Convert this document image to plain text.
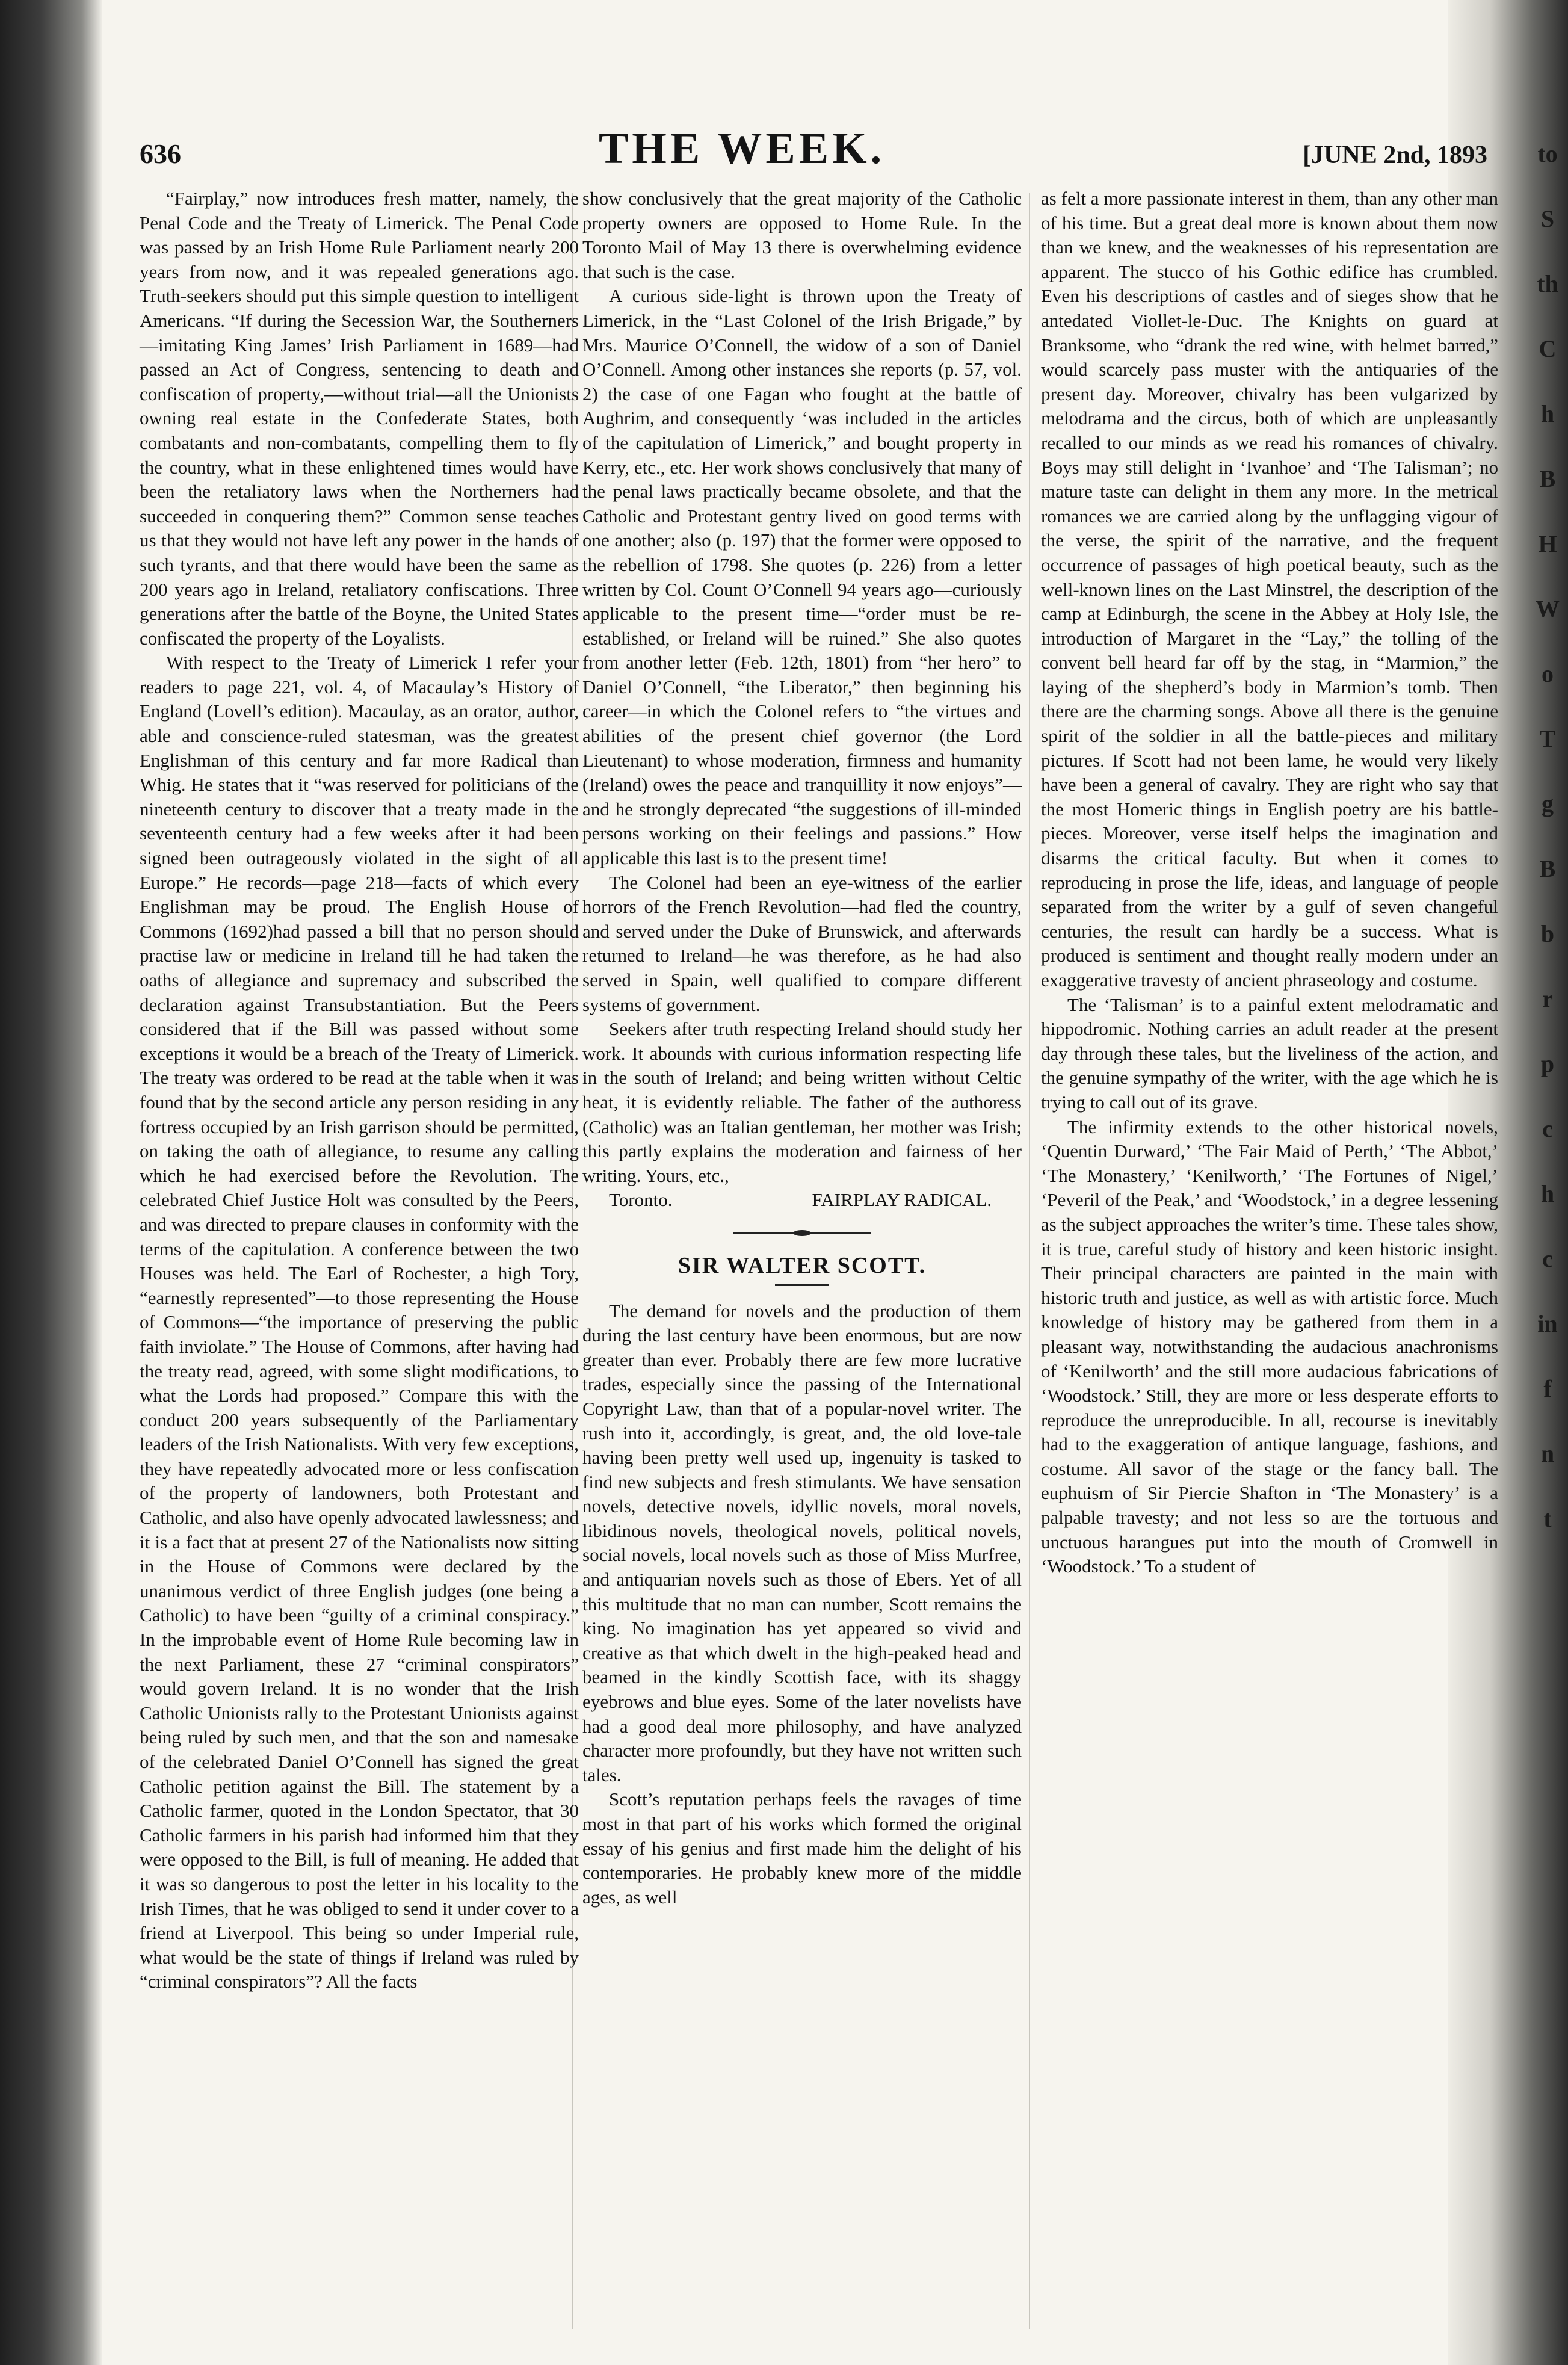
to
S
th
C
h
B
H
W
o
T
g
B
b
r
p
c
h
c
in
f
n
t
636	THE WEEK.	[JUNE 2nd, 1893

“Fairplay,” now introduces fresh matter, namely, the Penal Code and the Treaty of Limerick. The Penal Code was passed by an Irish Home Rule Parliament nearly 200 years from now, and it was repealed generations ago. Truth-seekers should put this simple question to intelligent Americans. “If during the Secession War, the Southerners—imitating King James’ Irish Parliament in 1689—had passed an Act of Congress, sentencing to death and confiscation of property,—without trial—all the Unionists owning real estate in the Confederate States, both combatants and non-combatants, compelling them to fly the country, what in these enlightened times would have been the retaliatory laws when the Northerners had succeeded in conquering them?” Common sense teaches us that they would not have left any power in the hands of such tyrants, and that there would have been the same as 200 years ago in Ireland, retaliatory confiscations. Three generations after the battle of the Boyne, the United States confiscated the property of the Loyalists.

With respect to the Treaty of Limerick I refer your readers to page 221, vol. 4, of Macaulay’s History of England (Lovell’s edition). Macaulay, as an orator, author, able and conscience-ruled statesman, was the greatest Englishman of this century and far more Radical than Whig. He states that it “was reserved for politicians of the nineteenth century to discover that a treaty made in the seventeenth century had a few weeks after it had been signed been outrageously violated in the sight of all Europe.” He records—page 218—facts of which every Englishman may be proud. The English House of Commons (1692)had passed a bill that no person should practise law or medicine in Ireland till he had taken the oaths of allegiance and supremacy and subscribed the declaration against Transubstantiation. But the Peers considered that if the Bill was passed without some exceptions it would be a breach of the Treaty of Limerick. The treaty was ordered to be read at the table when it was found that by the second article any person residing in any fortress occupied by an Irish garrison should be permitted, on taking the oath of allegiance, to resume any calling which he had exercised before the Revolution. The celebrated Chief Justice Holt was consulted by the Peers, and was directed to prepare clauses in conformity with the terms of the capitulation. A conference between the two Houses was held. The Earl of Rochester, a high Tory, “earnestly represented”—to those representing the House of Commons—“the importance of preserving the public faith inviolate.” The House of Commons, after having had the treaty read, agreed, with some slight modifications, to what the Lords had proposed.” Compare this with the conduct 200 years subsequently of the Parliamentary leaders of the Irish Nationalists. With very few exceptions, they have repeatedly advocated more or less confiscation of the property of landowners, both Protestant and Catholic, and also have openly advocated lawlessness; and it is a fact that at present 27 of the Nationalists now sitting in the House of Commons were declared by the unanimous verdict of three English judges (one being a Catholic) to have been “guilty of a criminal conspiracy.” In the improbable event of Home Rule becoming law in the next Parliament, these 27 “criminal conspirators” would govern Ireland. It is no wonder that the Irish Catholic Unionists rally to the Protestant Unionists against being ruled by such men, and that the son and namesake of the celebrated Daniel O’Connell has signed the great Catholic petition against the Bill. The statement by a Catholic farmer, quoted in the London Spectator, that 30 Catholic farmers in his parish had informed him that they were opposed to the Bill, is full of meaning. He added that it was so dangerous to post the letter in his locality to the Irish Times, that he was obliged to send it under cover to a friend at Liverpool. This being so under Imperial rule, what would be the state of things if Ireland was ruled by “criminal conspirators”? All the facts

show conclusively that the great majority of the Catholic property owners are opposed to Home Rule. In the Toronto Mail of May 13 there is overwhelming evidence that such is the case.

A curious side-light is thrown upon the Treaty of Limerick, in the “Last Colonel of the Irish Brigade,” by Mrs. Maurice O’Connell, the widow of a son of Daniel O’Connell. Among other instances she reports (p. 57, vol. 2) the case of one Fagan who fought at the battle of Aughrim, and consequently ‘was included in the articles of the capitulation of Limerick,” and bought property in Kerry, etc., etc. Her work shows conclusively that many of the penal laws practically became obsolete, and that the Catholic and Protestant gentry lived on good terms with one another; also (p. 197) that the former were opposed to the rebellion of 1798. She quotes (p. 226) from a letter written by Col. Count O’Connell 94 years ago—curiously applicable to the present time—“order must be re-established, or Ireland will be ruined.” She also quotes from another letter (Feb. 12th, 1801) from “her hero” to Daniel O’Connell, “the Liberator,” then beginning his career—in which the Colonel refers to “the virtues and abilities of the present chief governor (the Lord Lieutenant) to whose moderation, firmness and humanity (Ireland) owes the peace and tranquillity it now enjoys”—and he strongly deprecated “the suggestions of ill-minded persons working on their feelings and passions.” How applicable this last is to the present time!

The Colonel had been an eye-witness of the earlier horrors of the French Revolution—had fled the country, and served under the Duke of Brunswick, and afterwards returned to Ireland—he was therefore, as he had also served in Spain, well qualified to compare different systems of government.

Seekers after truth respecting Ireland should study her work. It abounds with curious information respecting life in the south of Ireland; and being written without Celtic heat, it is evidently reliable. The father of the authoress (Catholic) was an Italian gentleman, her mother was Irish; this partly explains the moderation and fairness of her writing. Yours, etc.,

Toronto.	FAIRPLAY RADICAL.

SIR WALTER SCOTT.

The demand for novels and the production of them during the last century have been enormous, but are now greater than ever. Probably there are few more lucrative trades, especially since the passing of the International Copyright Law, than that of a popular-novel writer. The rush into it, accordingly, is great, and, the old love-tale having been pretty well used up, ingenuity is tasked to find new subjects and fresh stimulants. We have sensation novels, detective novels, idyllic novels, moral novels, libidinous novels, theological novels, political novels, social novels, local novels such as those of Miss Murfree, and antiquarian novels such as those of Ebers. Yet of all this multitude that no man can number, Scott remains the king. No imagination has yet appeared so vivid and creative as that which dwelt in the high-peaked head and beamed in the kindly Scottish face, with its shaggy eyebrows and blue eyes. Some of the later novelists have had a good deal more philosophy, and have analyzed character more profoundly, but they have not written such tales.

Scott’s reputation perhaps feels the ravages of time most in that part of his works which formed the original essay of his genius and first made him the delight of his contemporaries. He probably knew more of the middle ages, as well

as felt a more passionate interest in them, than any other man of his time. But a great deal more is known about them now than we knew, and the weaknesses of his representation are apparent. The stucco of his Gothic edifice has crumbled. Even his descriptions of castles and of sieges show that he antedated Viollet-le-Duc. The Knights on guard at Branksome, who “drank the red wine, with helmet barred,” would scarcely pass muster with the antiquaries of the present day. Moreover, chivalry has been vulgarized by melodrama and the circus, both of which are unpleasantly recalled to our minds as we read his romances of chivalry. Boys may still delight in ‘Ivanhoe’ and ‘The Talisman’; no mature taste can delight in them any more. In the metrical romances we are carried along by the unflagging vigour of the verse, the spirit of the narrative, and the frequent occurrence of passages of high poetical beauty, such as the well-known lines on the Last Minstrel, the description of the camp at Edinburgh, the scene in the Abbey at Holy Isle, the introduction of Margaret in the “Lay,” the tolling of the convent bell heard far off by the stag, in “Marmion,” the laying of the shepherd’s body in Marmion’s tomb. Then there are the charming songs. Above all there is the genuine spirit of the soldier in all the battle-pieces and military pictures. If Scott had not been lame, he would very likely have been a general of cavalry. They are right who say that the most Homeric things in English poetry are his battle-pieces. Moreover, verse itself helps the imagination and disarms the critical faculty. But when it comes to reproducing in prose the life, ideas, and language of people separated from the writer by a gulf of seven changeful centuries, the result can hardly be a success. What is produced is sentiment and thought really modern under an exaggerative travesty of ancient phraseology and costume.

The ‘Talisman’ is to a painful extent melodramatic and hippodromic. Nothing carries an adult reader at the present day through these tales, but the liveliness of the action, and the genuine sympathy of the writer, with the age which he is trying to call out of its grave.

The infirmity extends to the other historical novels, ‘Quentin Durward,’ ‘The Fair Maid of Perth,’ ‘The Abbot,’ ‘The Monastery,’ ‘Kenilworth,’ ‘The Fortunes of Nigel,’ ‘Peveril of the Peak,’ and ‘Woodstock,’ in a degree lessening as the subject approaches the writer’s time. These tales show, it is true, careful study of history and keen historic insight. Their principal characters are painted in the main with historic truth and justice, as well as with artistic force. Much knowledge of history may be gathered from them in a pleasant way, notwithstanding the audacious anachronisms of ‘Kenilworth’ and the still more audacious fabrications of ‘Woodstock.’ Still, they are more or less desperate efforts to reproduce the unreproducible. In all, recourse is inevitably had to the exaggeration of antique language, fashions, and costume. All savor of the stage or the fancy ball. The euphuism of Sir Piercie Shafton in ‘The Monastery’ is a palpable travesty; and not less so are the tortuous and unctuous harangues put into the mouth of Cromwell in ‘Woodstock.’ To a student of
